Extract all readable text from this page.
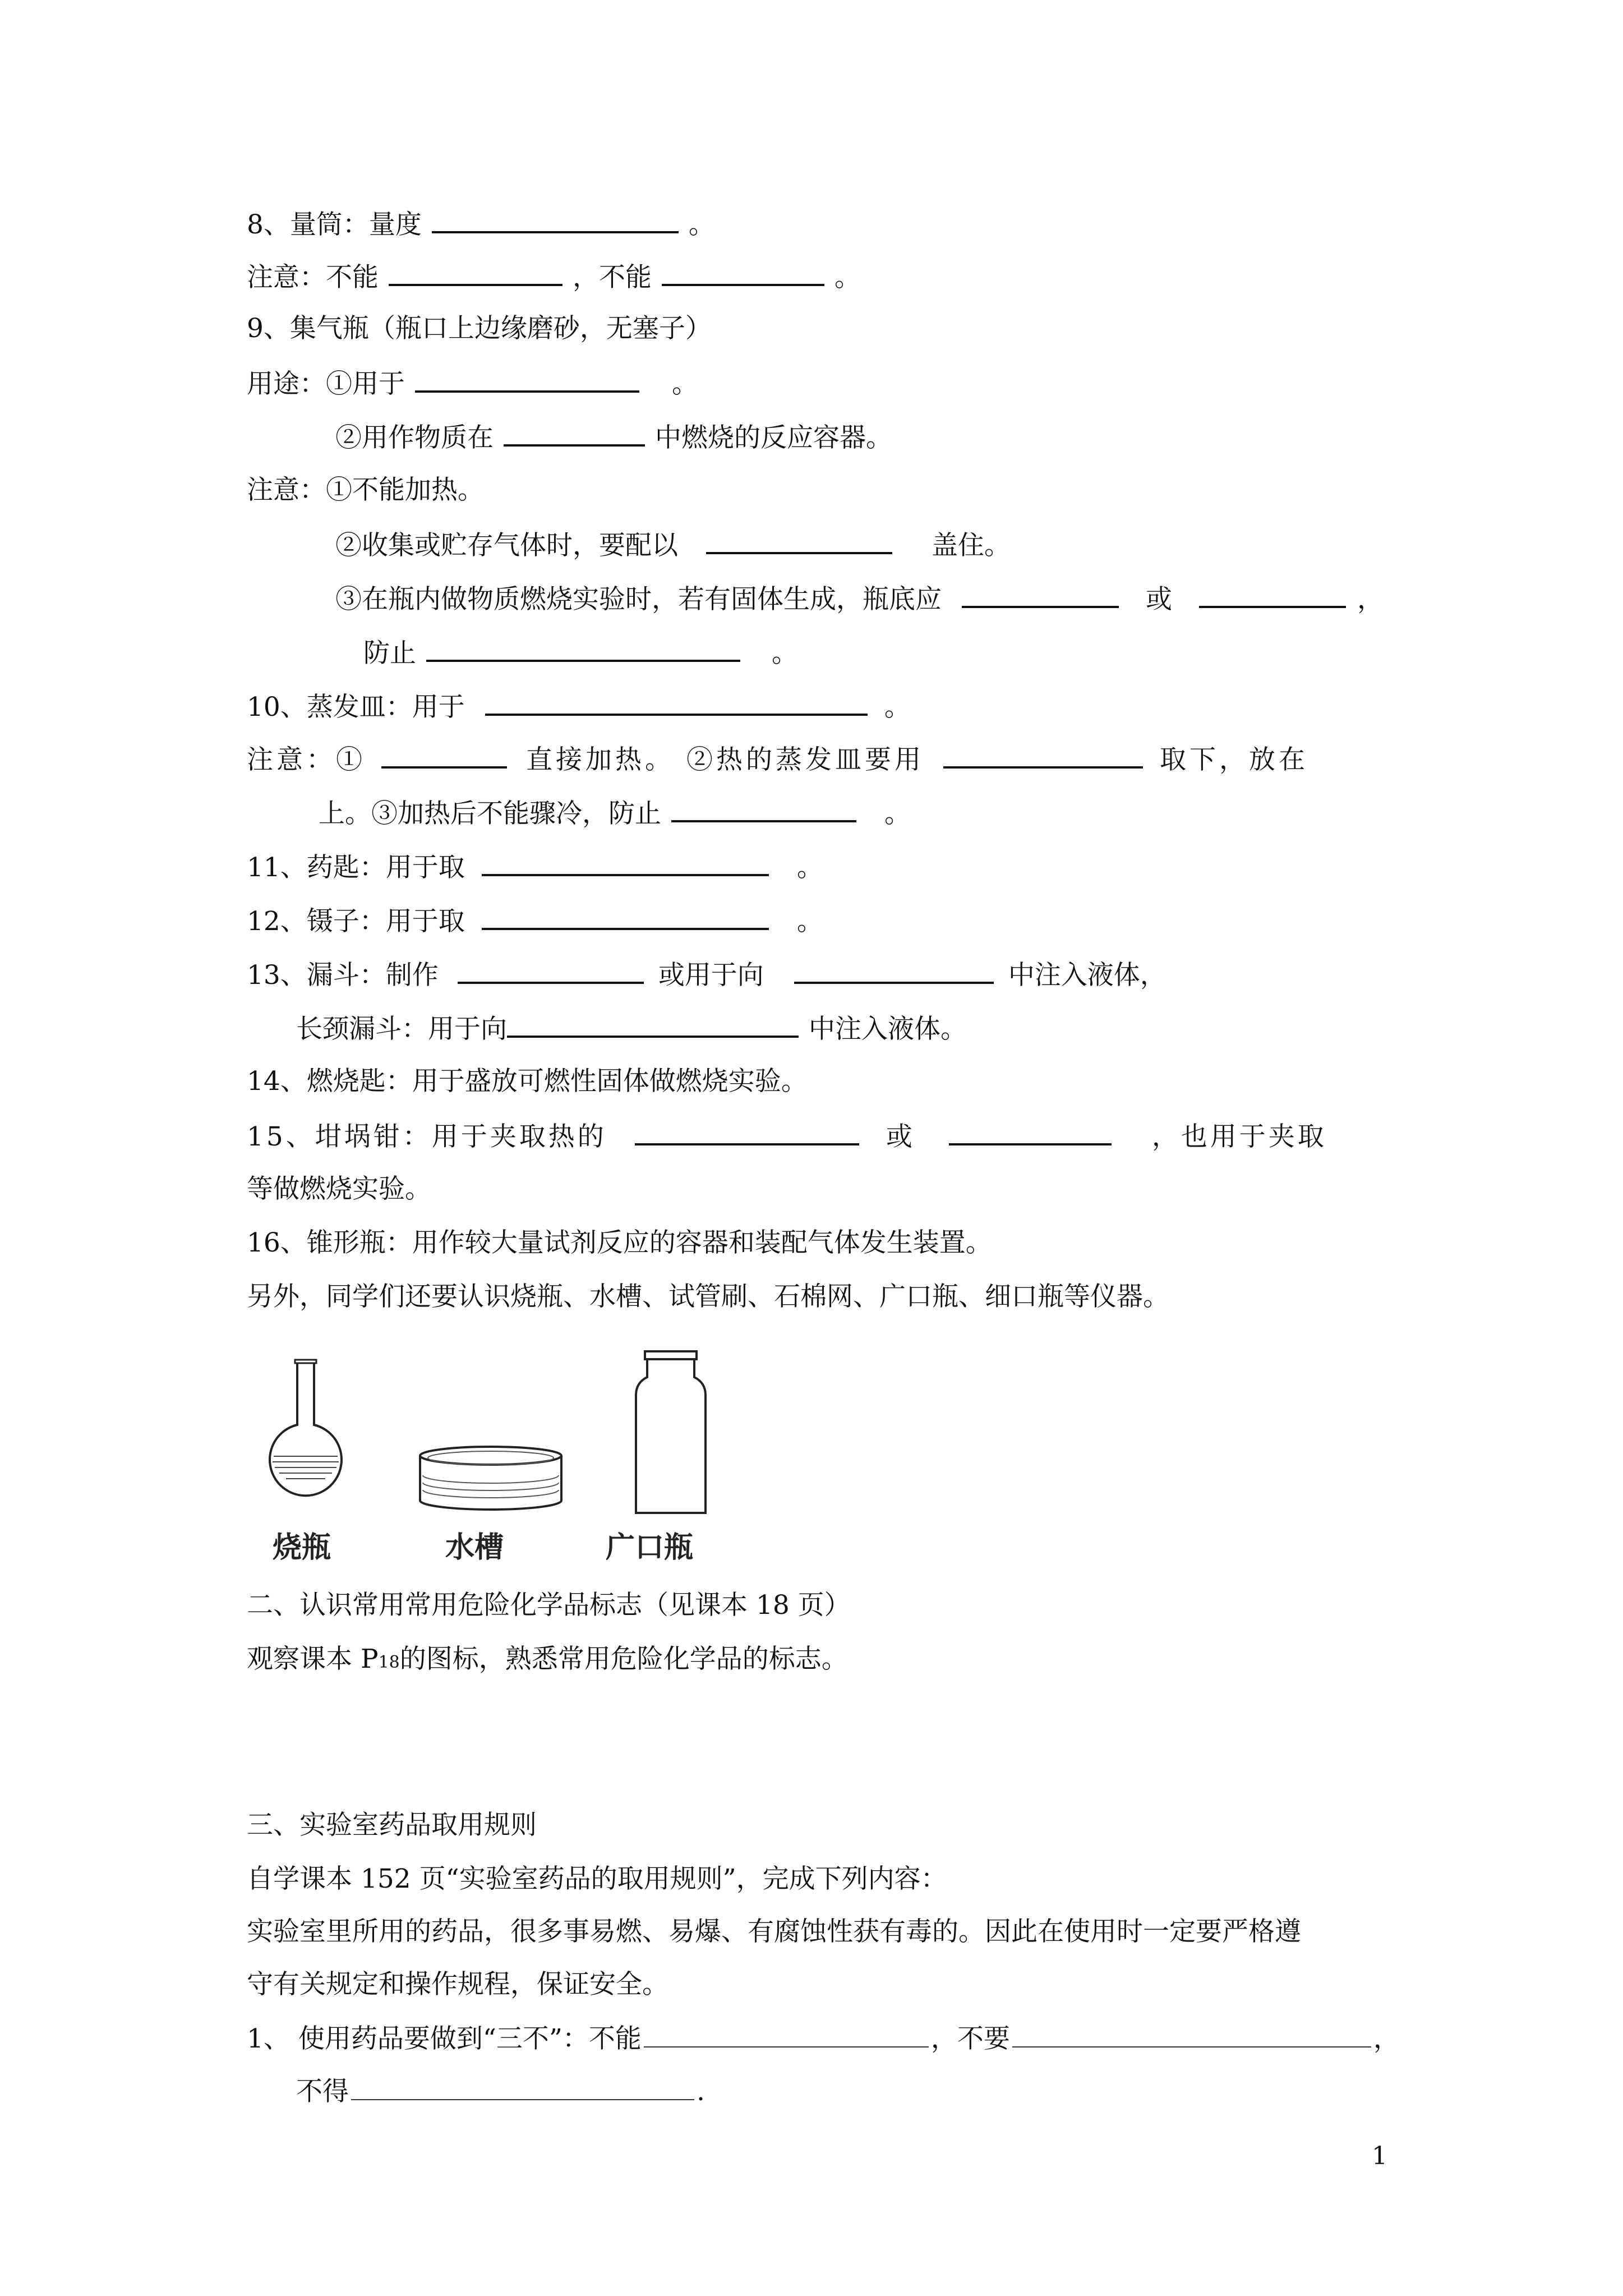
8、量筒：量度	。
注意：不能	，不能	。
9、集气瓶（瓶口上边缘磨砂，无塞子）
用途：①用于	。
②用作物质在	中燃烧的反应容器。
注意：①不能加热。
②收集或贮存气体时，要配以	盖住。
③在瓶内做物质燃烧实验时，若有固体生成，瓶底应	或	，
防止	。
10、蒸发皿：用于	。
注意：①	直接加热。 ②热的蒸发皿要用	取下，放在
上。③加热后不能骤冷，防止	。
11、药匙：用于取	。
12、镊子：用于取	。
13、漏斗：制作	或用于向	中注入液体，
长颈漏斗：用于向	中注入液体。
14、燃烧匙：用于盛放可燃性固体做燃烧实验。
15、坩埚钳：用于夹取热的	或	，也用于夹取
等做燃烧实验。
16、锥形瓶：用作较大量试剂反应的容器和装配气体发生装置。
另外，同学们还要认识烧瓶、水槽、试管刷、石棉网、广口瓶、细口瓶等仪器。
烧瓶	水槽	广口瓶
二、认识常用常用危险化学品标志（见课本 18 页）
观察课本 P18的图标，熟悉常用危险化学品的标志。
三、实验室药品取用规则
自学课本 152 页“实验室药品的取用规则”，完成下列内容：
实验室里所用的药品，很多事易燃、易爆、有腐蚀性获有毒的。因此在使用时一定要严格遵
守有关规定和操作规程，保证安全。
1、 使用药品要做到“三不”：不能	，不要	，
不得	.
1
